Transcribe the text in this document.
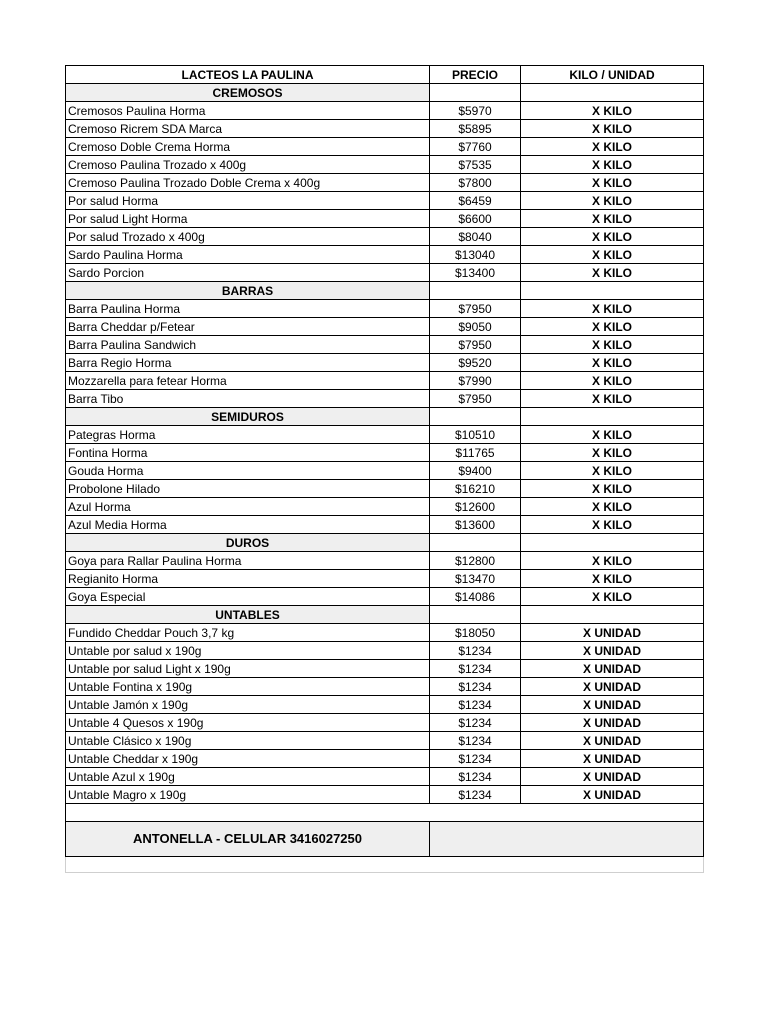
LACTEOS LA PAULINA	PRECIO	KILO / UNIDAD
CREMOSOS		
Cremosos Paulina Horma	$5970	X KILO
Cremoso Ricrem SDA Marca	$5895	X KILO
Cremoso Doble Crema Horma	$7760	X KILO
Cremoso Paulina Trozado x 400g	$7535	X KILO
Cremoso Paulina Trozado Doble Crema x 400g	$7800	X KILO
Por salud Horma	$6459	X KILO
Por salud Light Horma	$6600	X KILO
Por salud Trozado x 400g	$8040	X KILO
Sardo Paulina Horma	$13040	X KILO
Sardo Porcion	$13400	X KILO
BARRAS		
Barra Paulina Horma	$7950	X KILO
Barra Cheddar p/Fetear	$9050	X KILO
Barra Paulina Sandwich	$7950	X KILO
Barra Regio Horma	$9520	X KILO
Mozzarella para fetear Horma	$7990	X KILO
Barra Tibo	$7950	X KILO
SEMIDUROS		
Pategras Horma	$10510	X KILO
Fontina Horma	$11765	X KILO
Gouda Horma	$9400	X KILO
Probolone Hilado	$16210	X KILO
Azul Horma	$12600	X KILO
Azul Media Horma	$13600	X KILO
DUROS		
Goya para Rallar Paulina Horma	$12800	X KILO
Regianito Horma	$13470	X KILO
Goya Especial	$14086	X KILO
UNTABLES		
Fundido Cheddar Pouch 3,7 kg	$18050	X UNIDAD
Untable por salud x 190g	$1234	X UNIDAD
Untable por salud Light x 190g	$1234	X UNIDAD
Untable Fontina x 190g	$1234	X UNIDAD
Untable Jamón x 190g	$1234	X UNIDAD
Untable 4 Quesos x 190g	$1234	X UNIDAD
Untable Clásico x 190g	$1234	X UNIDAD
Untable Cheddar x 190g	$1234	X UNIDAD
Untable Azul x 190g	$1234	X UNIDAD
Untable Magro x 190g	$1234	X UNIDAD

ANTONELLA - CELULAR 3416027250		
